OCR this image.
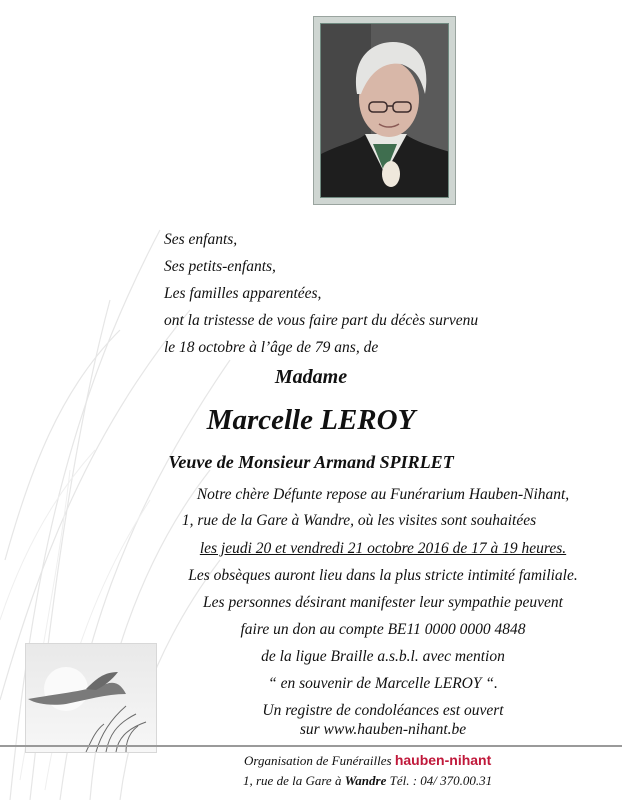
Ses enfants,
Ses petits-enfants,
Les familles apparentées,
ont la tristesse de vous faire part du décès survenu
le 18 octobre à l’âge de 79 ans, de
Madame
Marcelle LEROY
Veuve de Monsieur Armand SPIRLET
Notre chère Défunte repose au Funérarium Hauben-Nihant,
1, rue de la Gare à Wandre, où les visites sont souhaitées
les jeudi 20 et vendredi 21 octobre 2016 de 17 à 19 heures.
Les obsèques auront lieu dans la plus stricte intimité familiale.
Les personnes désirant manifester leur sympathie peuvent
faire un don au compte BE11 0000 0000 4848
de la ligue Braille a.s.b.l. avec mention
“ en souvenir de Marcelle LEROY “.
Un registre de condoléances est ouvert
sur www.hauben-nihant.be
Organisation de Funérailles hauben-nihant
1, rue de la Gare à Wandre Tél. : 04/ 370.00.31
